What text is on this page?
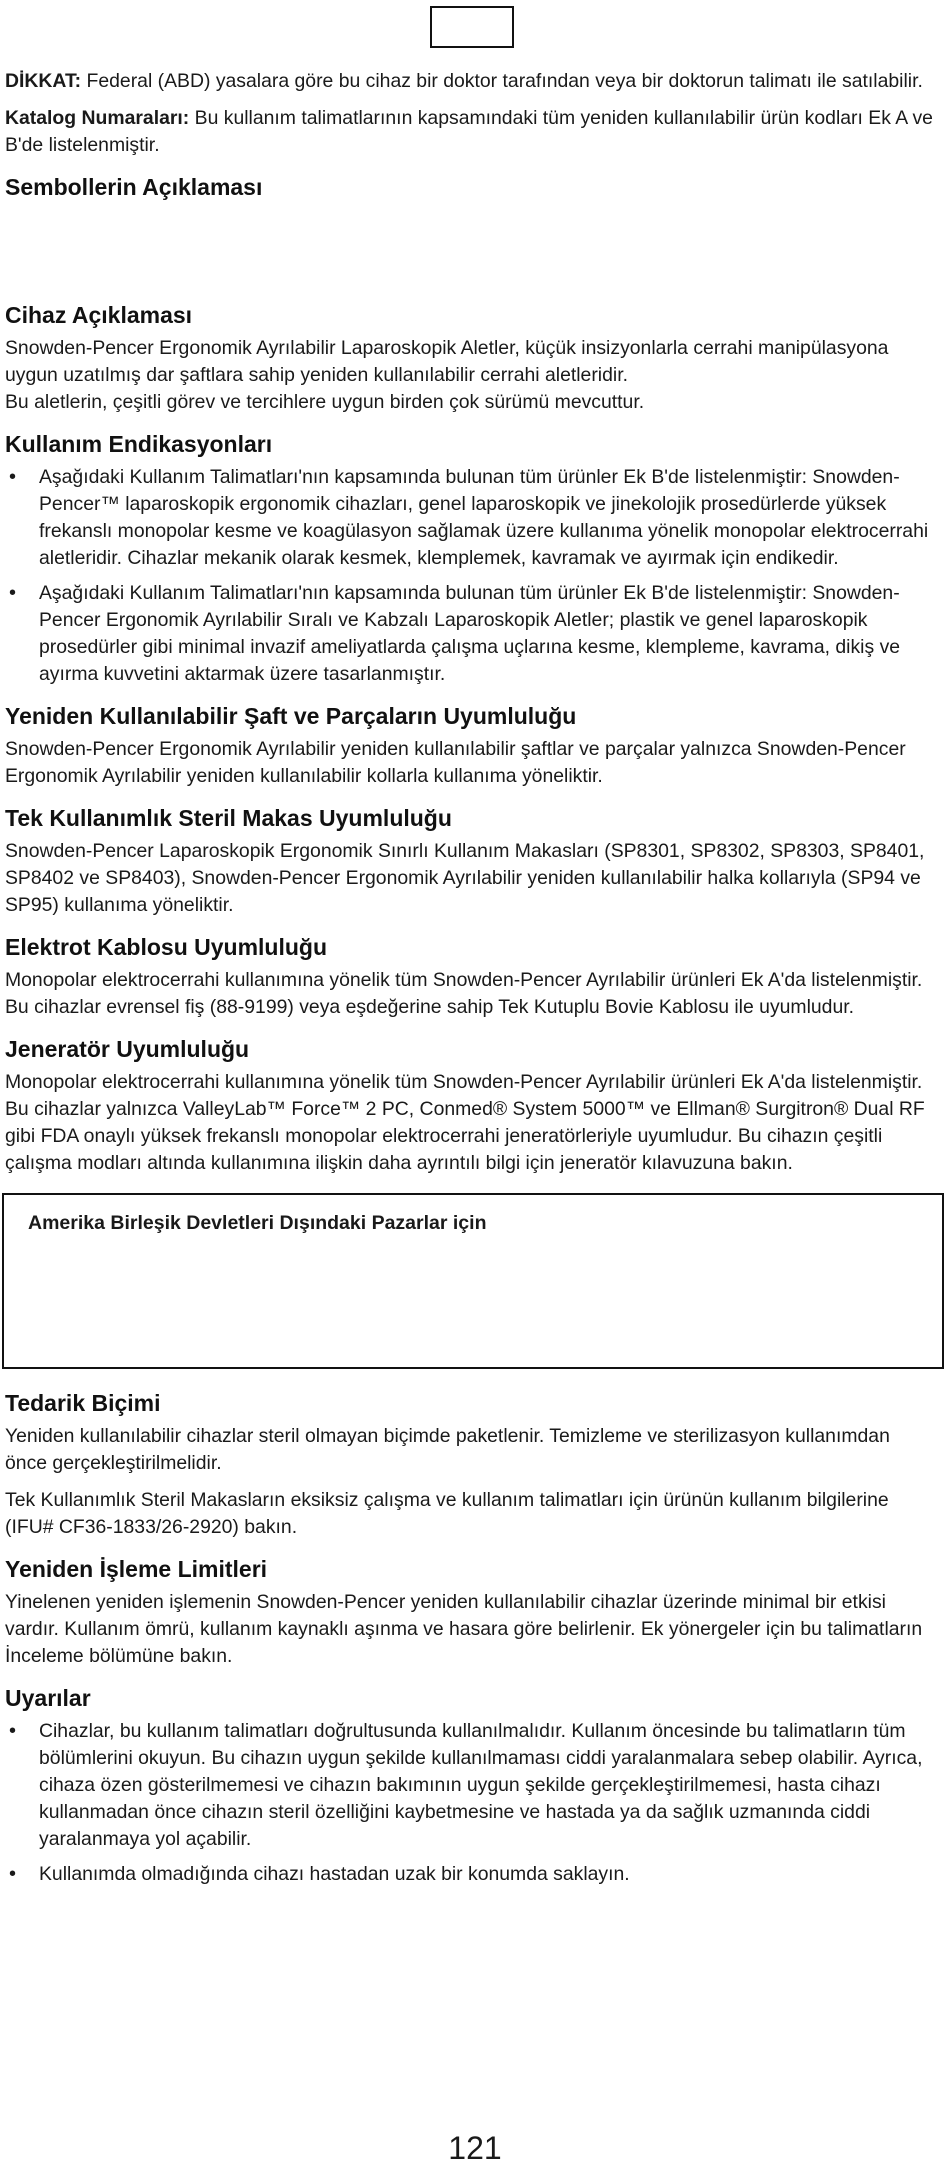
DİKKAT: Federal (ABD) yasalara göre bu cihaz bir doktor tarafından veya bir doktorun talimatı ile satılabilir.

Katalog Numaraları: Bu kullanım talimatlarının kapsamındaki tüm yeniden kullanılabilir ürün kodları Ek A ve B'de listelenmiştir.

Sembollerin Açıklaması
Cihaz Açıklaması

Snowden-Pencer Ergonomik Ayrılabilir Laparoskopik Aletler, küçük insizyonlarla cerrahi manipülasyona uygun uzatılmış dar şaftlara sahip yeniden kullanılabilir cerrahi aletleridir.

Bu aletlerin, çeşitli görev ve tercihlere uygun birden çok sürümü mevcuttur.

Kullanım Endikasyonları
• Aşağıdaki Kullanım Talimatları'nın kapsamında bulunan tüm ürünler Ek B'de listelenmiştir: Snowden-Pencer™ laparoskopik ergonomik cihazları, genel laparoskopik ve jinekolojik prosedürlerde yüksek frekanslı monopolar kesme ve koagülasyon sağlamak üzere kullanıma yönelik monopolar elektrocerrahi aletleridir. Cihazlar mekanik olarak kesmek, klemplemek, kavramak ve ayırmak için endikedir.
• Aşağıdaki Kullanım Talimatları'nın kapsamında bulunan tüm ürünler Ek B'de listelenmiştir: Snowden-Pencer Ergonomik Ayrılabilir Sıralı ve Kabzalı Laparoskopik Aletler; plastik ve genel laparoskopik prosedürler gibi minimal invazif ameliyatlarda çalışma uçlarına kesme, klempleme, kavrama, dikiş ve ayırma kuvvetini aktarmak üzere tasarlanmıştır.
Yeniden Kullanılabilir Şaft ve Parçaların Uyumluluğu

Snowden-Pencer Ergonomik Ayrılabilir yeniden kullanılabilir şaftlar ve parçalar yalnızca Snowden-Pencer Ergonomik Ayrılabilir yeniden kullanılabilir kollarla kullanıma yöneliktir.

Tek Kullanımlık Steril Makas Uyumluluğu

Snowden-Pencer Laparoskopik Ergonomik Sınırlı Kullanım Makasları (SP8301, SP8302, SP8303, SP8401, SP8402 ve SP8403), Snowden-Pencer Ergonomik Ayrılabilir yeniden kullanılabilir halka kollarıyla (SP94 ve SP95) kullanıma yöneliktir.

Elektrot Kablosu Uyumluluğu

Monopolar elektrocerrahi kullanımına yönelik tüm Snowden-Pencer Ayrılabilir ürünleri Ek A'da listelenmiştir. Bu cihazlar evrensel fiş (88-9199) veya eşdeğerine sahip Tek Kutuplu Bovie Kablosu ile uyumludur.

Jeneratör Uyumluluğu

Monopolar elektrocerrahi kullanımına yönelik tüm Snowden-Pencer Ayrılabilir ürünleri Ek A'da listelenmiştir. Bu cihazlar yalnızca ValleyLab™ Force™ 2 PC, Conmed® System 5000™ ve Ellman® Surgitron® Dual RF gibi FDA onaylı yüksek frekanslı monopolar elektrocerrahi jeneratörleriyle uyumludur. Bu cihazın çeşitli çalışma modları altında kullanımına ilişkin daha ayrıntılı bilgi için jeneratör kılavuzuna bakın.

Amerika Birleşik Devletleri Dışındaki Pazarlar için
Tedarik Biçimi

Yeniden kullanılabilir cihazlar steril olmayan biçimde paketlenir. Temizleme ve sterilizasyon kullanımdan önce gerçekleştirilmelidir.

Tek Kullanımlık Steril Makasların eksiksiz çalışma ve kullanım talimatları için ürünün kullanım bilgilerine (IFU# CF36-1833/26-2920) bakın.

Yeniden İşleme Limitleri

Yinelenen yeniden işlemenin Snowden-Pencer yeniden kullanılabilir cihazlar üzerinde minimal bir etkisi vardır. Kullanım ömrü, kullanım kaynaklı aşınma ve hasara göre belirlenir. Ek yönergeler için bu talimatların İnceleme bölümüne bakın.

Uyarılar
• Cihazlar, bu kullanım talimatları doğrultusunda kullanılmalıdır. Kullanım öncesinde bu talimatların tüm bölümlerini okuyun. Bu cihazın uygun şekilde kullanılmaması ciddi yaralanmalara sebep olabilir. Ayrıca, cihaza özen gösterilmemesi ve cihazın bakımının uygun şekilde gerçekleştirilmemesi, hasta cihazı kullanmadan önce cihazın steril özelliğini kaybetmesine ve hastada ya da sağlık uzmanında ciddi yaralanmaya yol açabilir.
• Kullanımda olmadığında cihazı hastadan uzak bir konumda saklayın.
121
